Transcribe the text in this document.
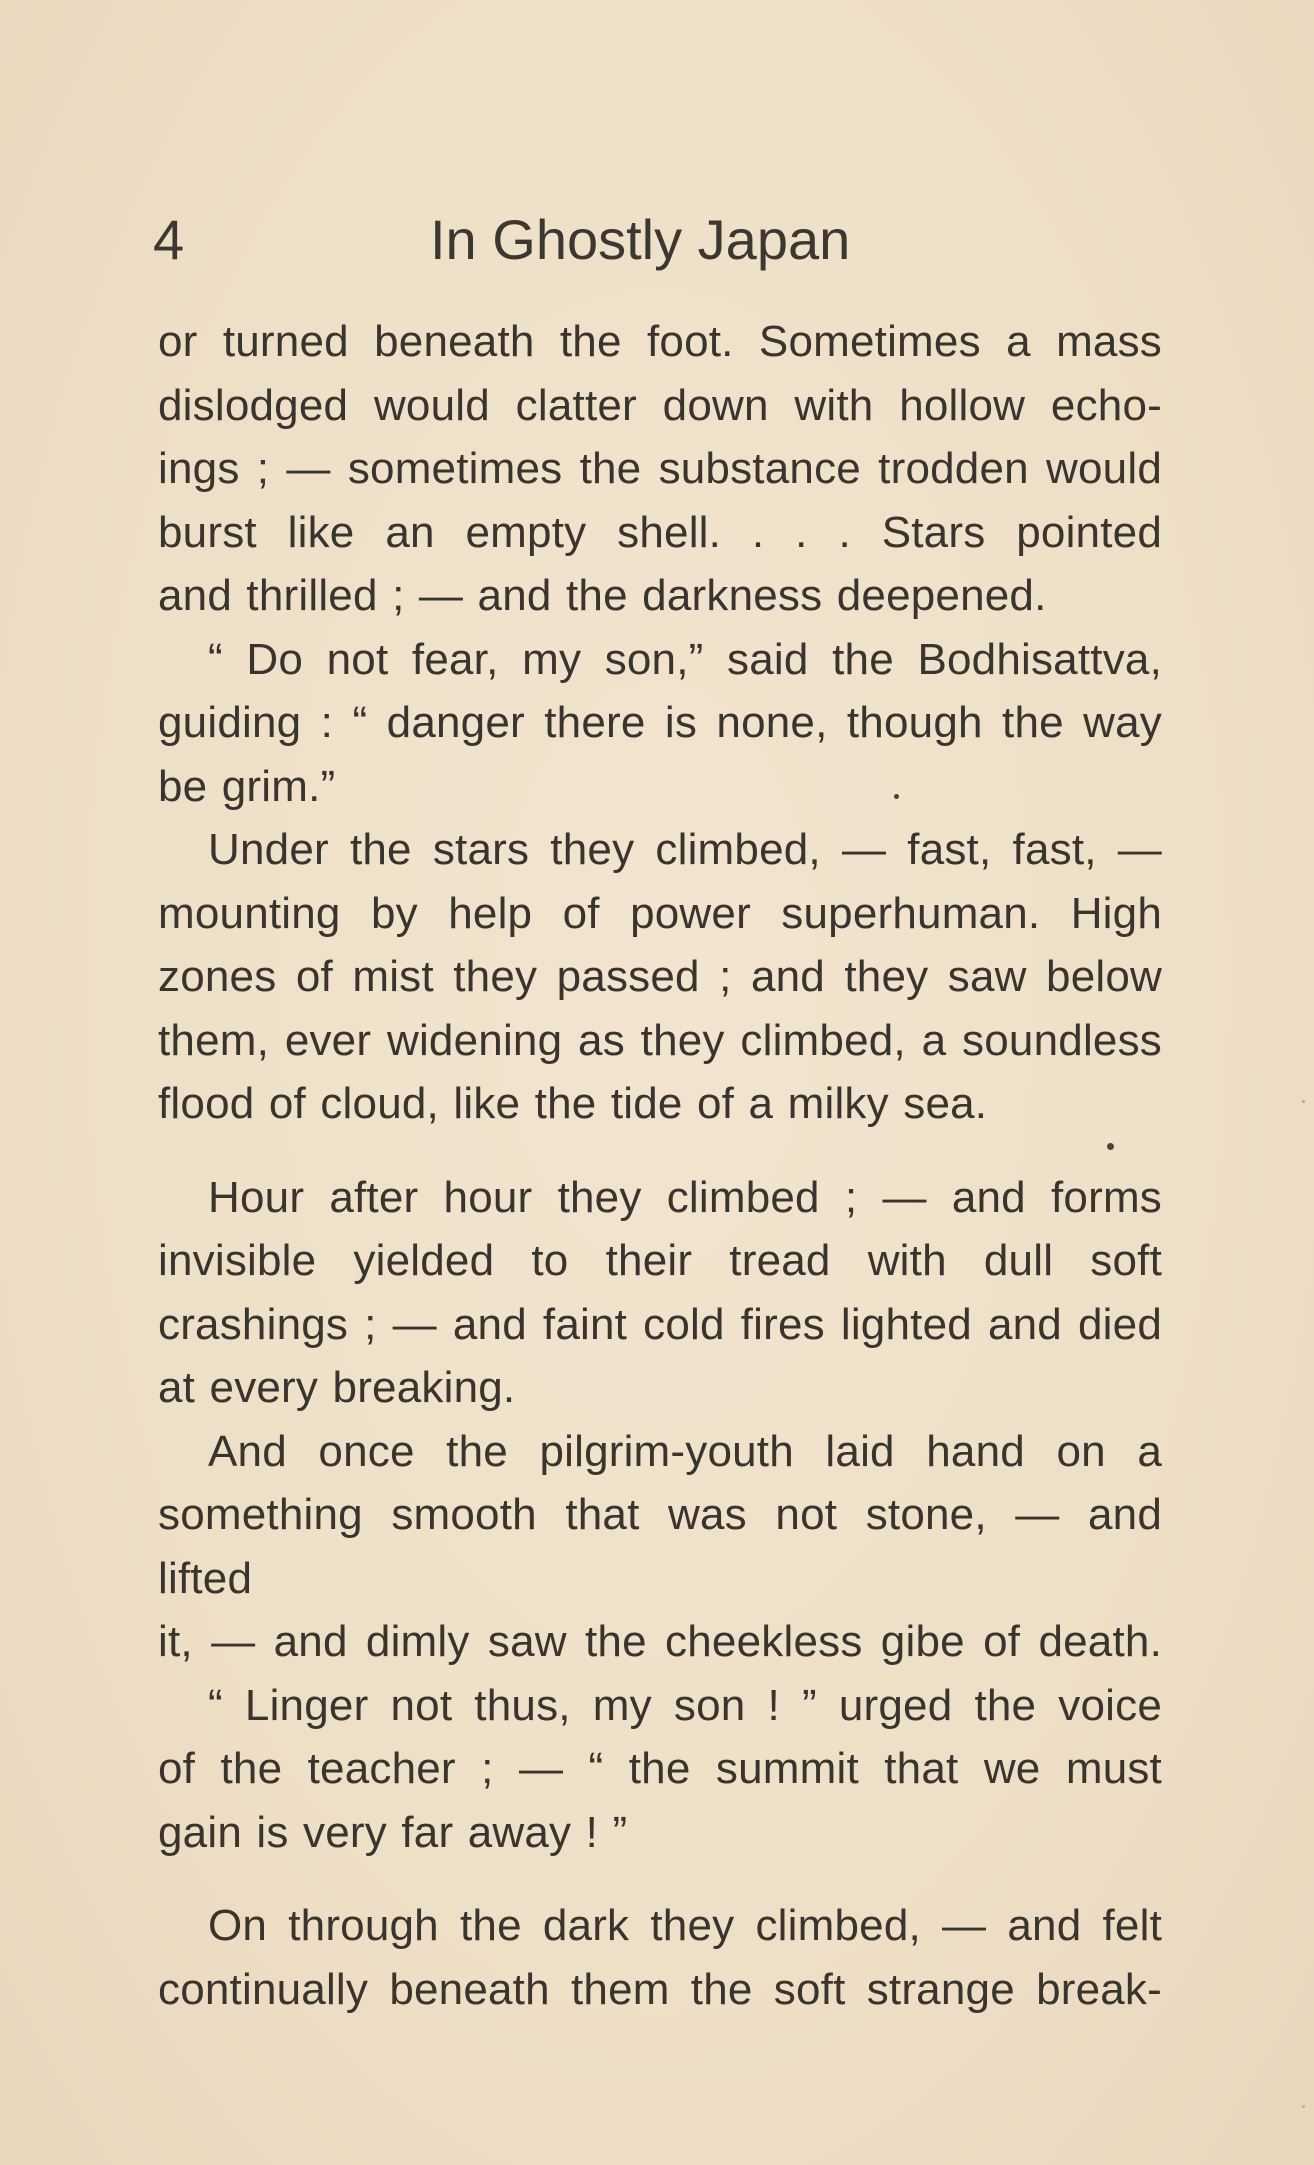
4	In Ghostly Japan

or turned beneath the foot. Sometimes a mass
dislodged would clatter down with hollow echo-
ings ; — sometimes the substance trodden would
burst like an empty shell. . . . Stars pointed
and thrilled ; — and the darkness deepened.

“ Do not fear, my son,” said the Bodhisattva,
guiding : “ danger there is none, though the way
be grim.”

Under the stars they climbed, — fast, fast, —
mounting by help of power superhuman. High
zones of mist they passed ; and they saw below
them, ever widening as they climbed, a soundless
flood of cloud, like the tide of a milky sea.

Hour after hour they climbed ; — and forms
invisible yielded to their tread with dull soft
crashings ; — and faint cold fires lighted and died
at every breaking.

And once the pilgrim-youth laid hand on a
something smooth that was not stone, — and lifted
it, — and dimly saw the cheekless gibe of death.

“ Linger not thus, my son ! ” urged the voice
of the teacher ; — “ the summit that we must
gain is very far away ! ”

On through the dark they climbed, — and felt
continually beneath them the soft strange break-
